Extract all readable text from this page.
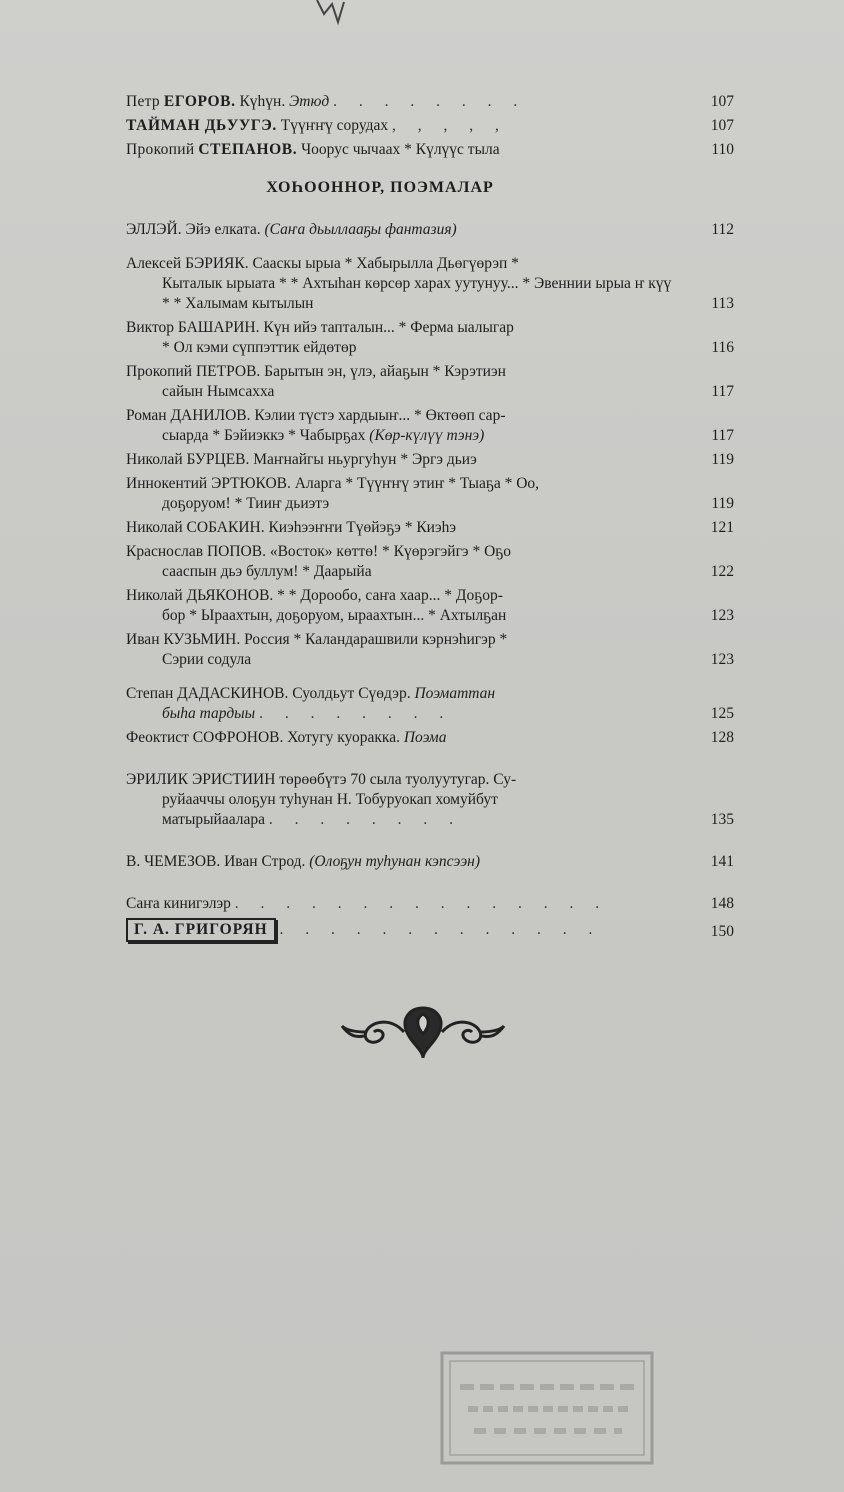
Петр ЕГОРОВ. Күһүн. Этюд . . . . . . . .	107
ТАЙМАН ДЬУУГЭ. Түүҥҥү сорудах , , , , ,	107
Прокопий СТЕПАНОВ. Чоорус чычаах * Күлүүс тыла	110
ХОҺООННОР, ПОЭМАЛАР
ЭЛЛЭЙ. Эйэ елката. (Саҥа дьыллааҕы фантазия)	112
Алексей БЭРИЯК. Сааскы ырыа * Хабырылла Дьөгүөрэп *
Кыталык ырыата * * Ахтыһан көрсөр харах уутунуу... * Эвеннии ырыа ҥ күү * * Халымам кытылын	113
Виктор БАШАРИН. Күн ийэ тапталын... * Ферма ыалыгар
* Ол кэми сүппэттик ейдөтөр	116
Прокопий ПЕТРОВ. Барытын эн, үлэ, айаҕын * Кэрэтиэн
сайын Нымсахха	117
Роман ДАНИЛОВ. Кэлии түстэ хардыыҥ... * Өктөөп сар-
сыарда * Бэйиэккэ * Чабырҕах (Көр-күлүү тэнэ)	117
Николай БУРЦЕВ. Маҥнайгы ньургуһун * Эргэ дьиэ	119
Иннокентий ЭРТЮКОВ. Аларга * Түүҥҥү этиҥ * Тыаҕа * Оо,
доҕоруом! * Тииҥ дьиэтэ	119
Николай СОБАКИН. Киэһээҥҥи Түөйэҕэ * Киэһэ	121
Краснослав ПОПОВ. «Восток» көттө! * Күөрэгэйгэ * Оҕо
сааспын дьэ буллум! * Даарыйа	122
Николай ДЬЯКОНОВ. * * Дорообо, саҥа хаар... * Доҕор-
бор * Ыраахтын, доҕоруом, ыраахтын... * Ахтылҕан	123
Иван КУЗЬМИН. Россия * Каландарашвили кэрнэһигэр *
Сэрии содула	123
Степан ДАДАСКИНОВ. Суолдьут Сүөдэр. Поэматтан
быһа тардыы . . . . . . . .	125
Феоктист СОФРОНОВ. Хотугу куоракка. Поэма	128
ЭРИЛИК ЭРИСТИИН төрөөбүтэ 70 сыла туолуутугар. Су-
руйааччы олоҕун туһунан Н. Тобуруокап хомуйбут
матырыйаалара . . . . . . . .	135
В. ЧЕМЕЗОВ. Иван Строд. (Олоҕун туһунан кэпсээн)	141
Саҥа кинигэлэр . . . . . . . . . . . . . . .	148
Г. А. ГРИГОРЯН . . . . . . . . . . . . .	150
